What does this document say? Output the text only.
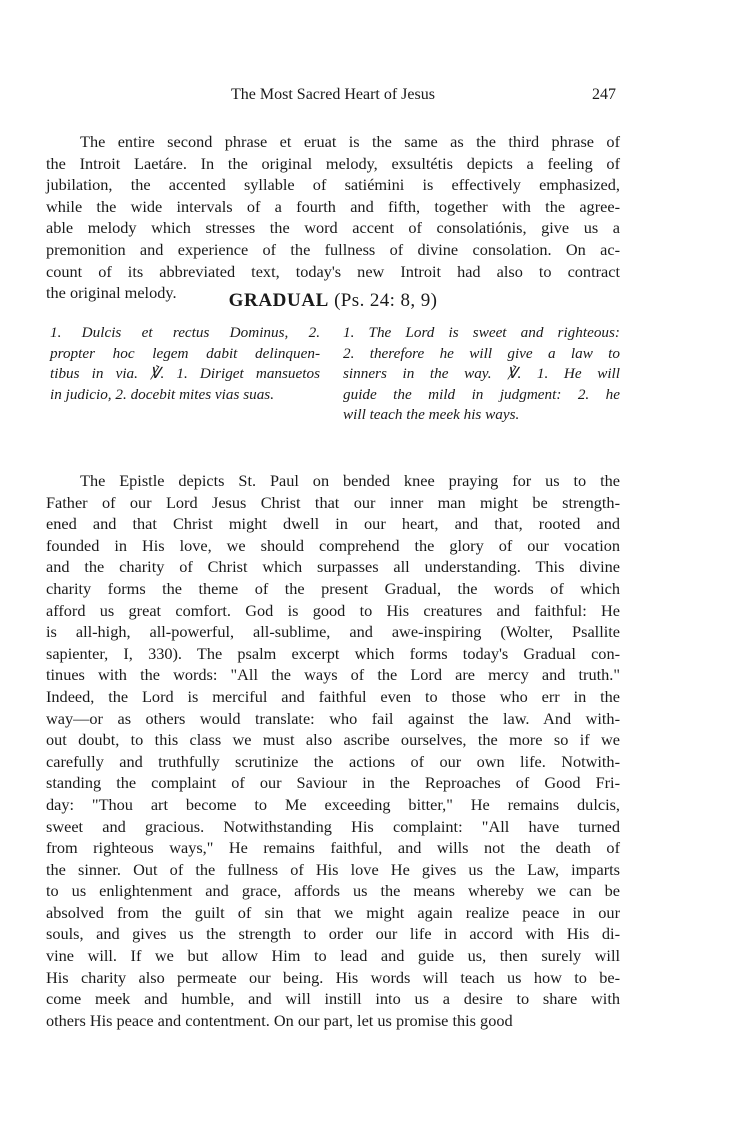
The Most Sacred Heart of Jesus	247
The entire second phrase et eruat is the same as the third phrase of
the Introit Laetáre. In the original melody, exsultétis depicts a feeling of
jubilation, the accented syllable of satiémini is effectively emphasized,
while the wide intervals of a fourth and fifth, together with the agree-
able melody which stresses the word accent of consolatiónis, give us a
premonition and experience of the fullness of divine consolation. On ac-
count of its abbreviated text, today's new Introit had also to contract
the original melody.	GRADUAL (Ps. 24: 8, 9)
1. Dulcis et rectus Dominus, 2.
propter hoc legem dabit delinquen-
tibus in via. ℣. 1. Diriget mansuetos
in judicio, 2. docebit mites vias suas.
1. The Lord is sweet and righteous:
2. therefore he will give a law to
sinners in the way. ℣. 1. He will
guide the mild in judgment: 2. he
will teach the meek his ways.
The Epistle depicts St. Paul on bended knee praying for us to the
Father of our Lord Jesus Christ that our inner man might be strength-
ened and that Christ might dwell in our heart, and that, rooted and
founded in His love, we should comprehend the glory of our vocation
and the charity of Christ which surpasses all understanding. This divine
charity forms the theme of the present Gradual, the words of which
afford us great comfort. God is good to His creatures and faithful: He
is all-high, all-powerful, all-sublime, and awe-inspiring (Wolter, Psallite
sapienter, I, 330). The psalm excerpt which forms today's Gradual con-
tinues with the words: "All the ways of the Lord are mercy and truth."
Indeed, the Lord is merciful and faithful even to those who err in the
way—or as others would translate: who fail against the law. And with-
out doubt, to this class we must also ascribe ourselves, the more so if we
carefully and truthfully scrutinize the actions of our own life. Notwith-
standing the complaint of our Saviour in the Reproaches of Good Fri-
day: "Thou art become to Me exceeding bitter," He remains dulcis,
sweet and gracious. Notwithstanding His complaint: "All have turned
from righteous ways," He remains faithful, and wills not the death of
the sinner. Out of the fullness of His love He gives us the Law, imparts
to us enlightenment and grace, affords us the means whereby we can be
absolved from the guilt of sin that we might again realize peace in our
souls, and gives us the strength to order our life in accord with His di-
vine will. If we but allow Him to lead and guide us, then surely will
His charity also permeate our being. His words will teach us how to be-
come meek and humble, and will instill into us a desire to share with
others His peace and contentment. On our part, let us promise this good
